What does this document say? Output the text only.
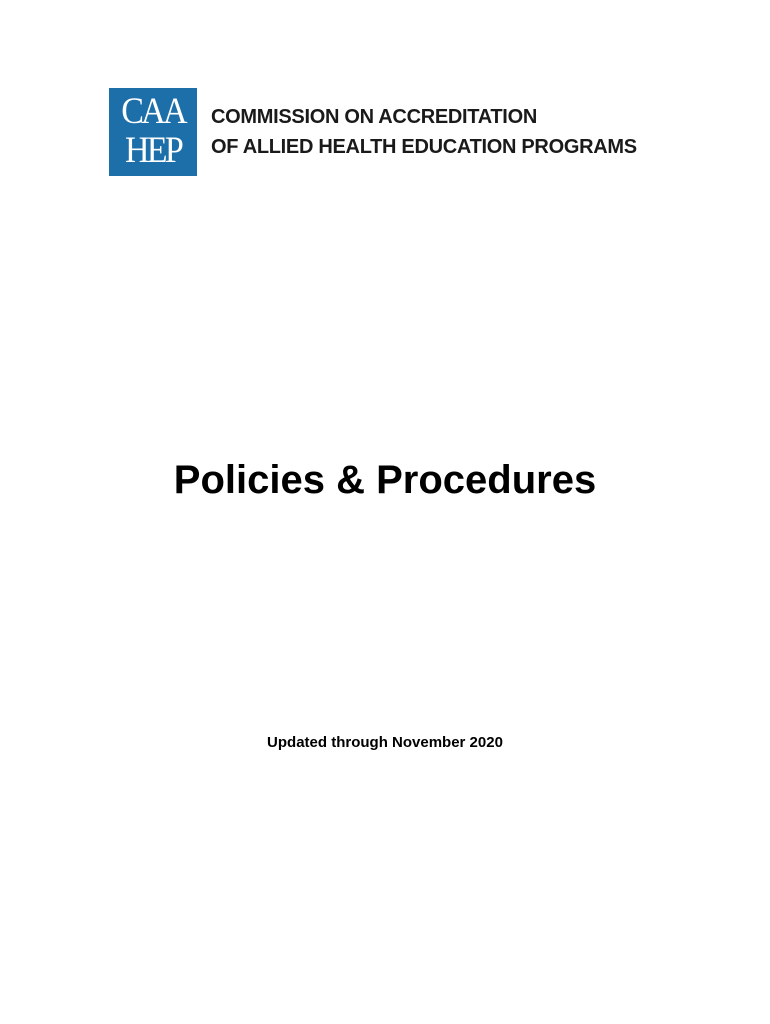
CAA
HEP
COMMISSION ON ACCREDITATION
OF ALLIED HEALTH EDUCATION PROGRAMS
Policies & Procedures
Updated through November 2020
